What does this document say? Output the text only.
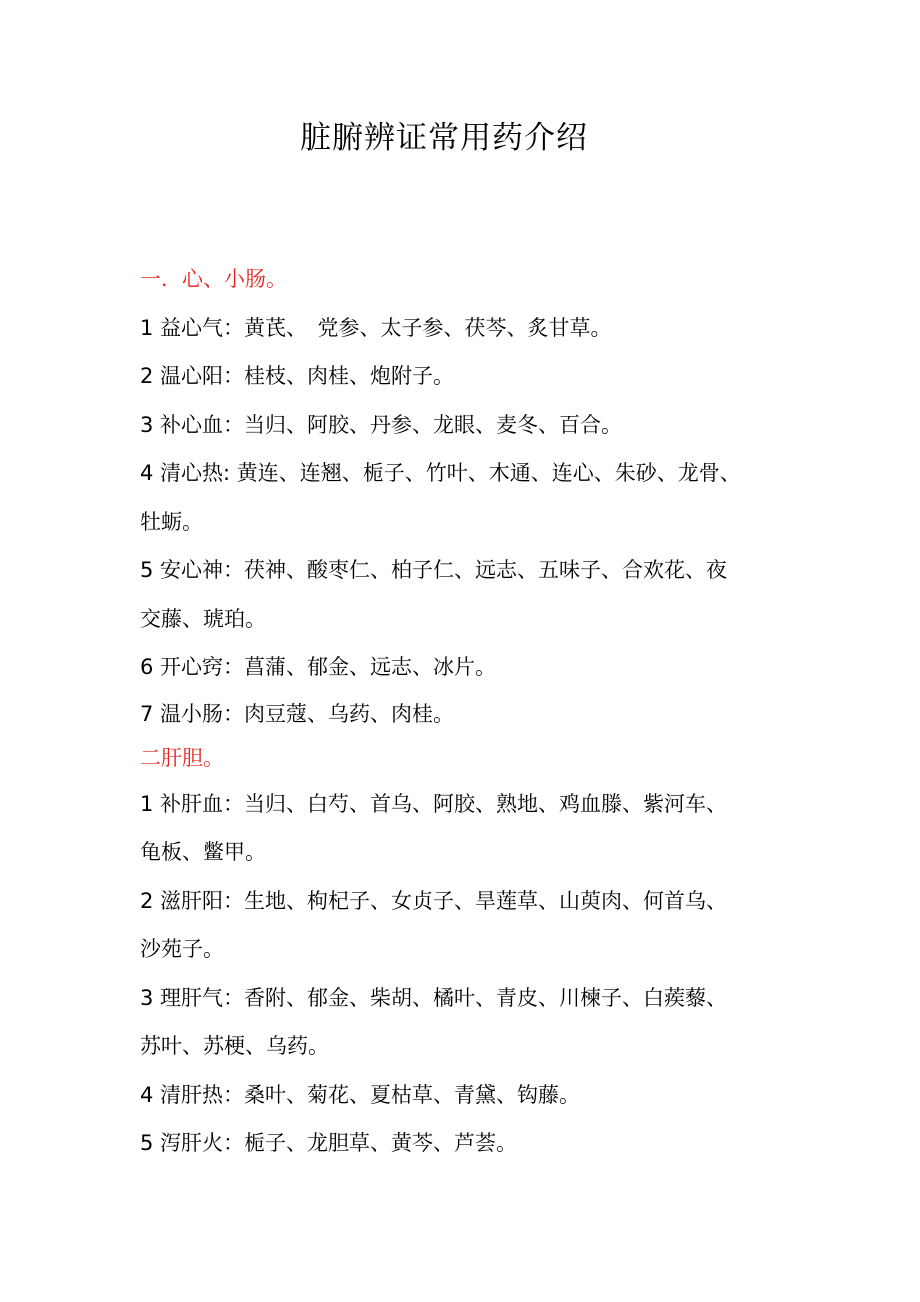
脏腑辨证常用药介绍
一．心、小肠。
1 益心气：黄芪、　党参、太子参、茯芩、炙甘草。
2 温心阳：桂枝、肉桂、炮附子。
3 补心血：当归、阿胶、丹参、龙眼、麦冬、百合。
4 清心热: 黄连、连翘、栀子、竹叶、木通、连心、朱砂、龙骨、
牡蛎。
5 安心神：茯神、酸枣仁、柏子仁、远志、五味子、合欢花、夜
交藤、琥珀。
6 开心窍：菖蒲、郁金、远志、冰片。
7 温小肠：肉豆蔻、乌药、肉桂。
二肝胆。
1 补肝血：当归、白芍、首乌、阿胶、熟地、鸡血滕、紫河车、
龟板、鳖甲。
2 滋肝阳：生地、枸杞子、女贞子、旱莲草、山萸肉、何首乌、
沙苑子。
3 理肝气：香附、郁金、柴胡、橘叶、青皮、川楝子、白蒺藜、
苏叶、苏梗、乌药。
4 清肝热：桑叶、菊花、夏枯草、青黛、钩藤。
5 泻肝火：栀子、龙胆草、黄芩、芦荟。
